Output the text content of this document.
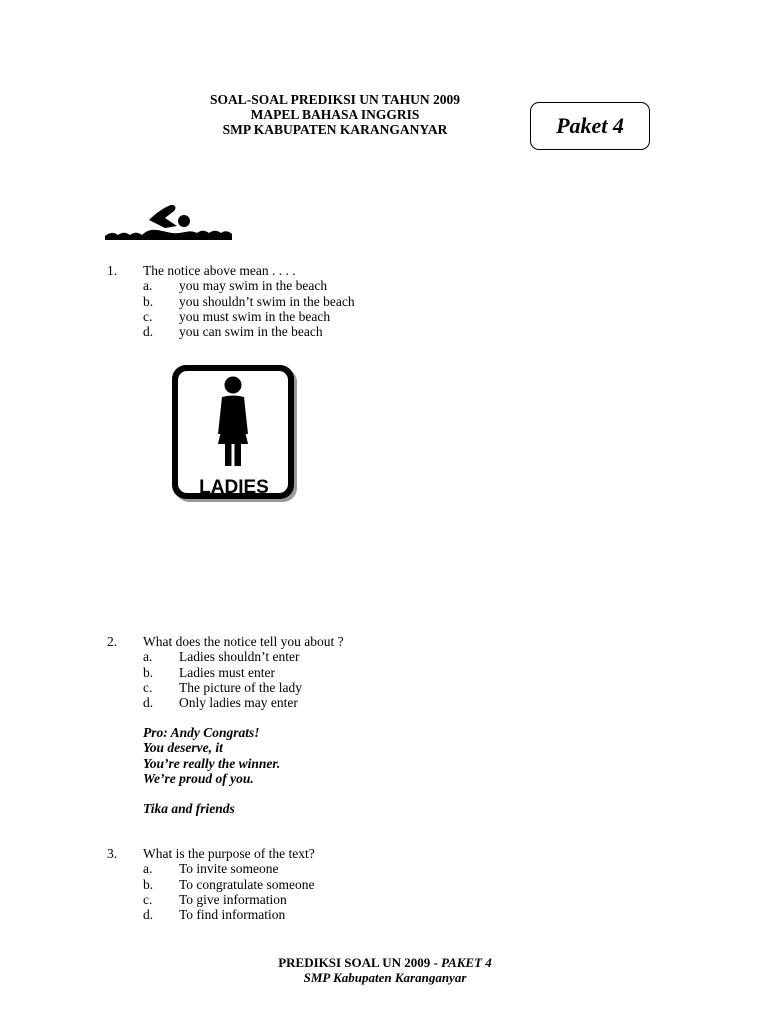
SOAL-SOAL PREDIKSI UN TAHUN 2009
MAPEL BAHASA INGGRIS
SMP KABUPATEN KARANGANYAR	Paket 4
1. The notice above mean . . . .
a. you may swim in the beach
b. you shouldn’t swim in the beach
c. you must swim in the beach
d. you can swim in the beach
LADIES
2. What does the notice tell you about ?
a. Ladies shouldn’t enter
b. Ladies must enter
c. The picture of the lady
d. Only ladies may enter
Pro: Andy Congrats!
You deserve, it
You’re really the winner.
We’re proud of you.
Tika and friends
3. What is the purpose of the text?
a. To invite someone
b. To congratulate someone
c. To give information
d. To find information
PREDIKSI SOAL UN 2009 - PAKET 4
SMP Kabupaten Karanganyar
